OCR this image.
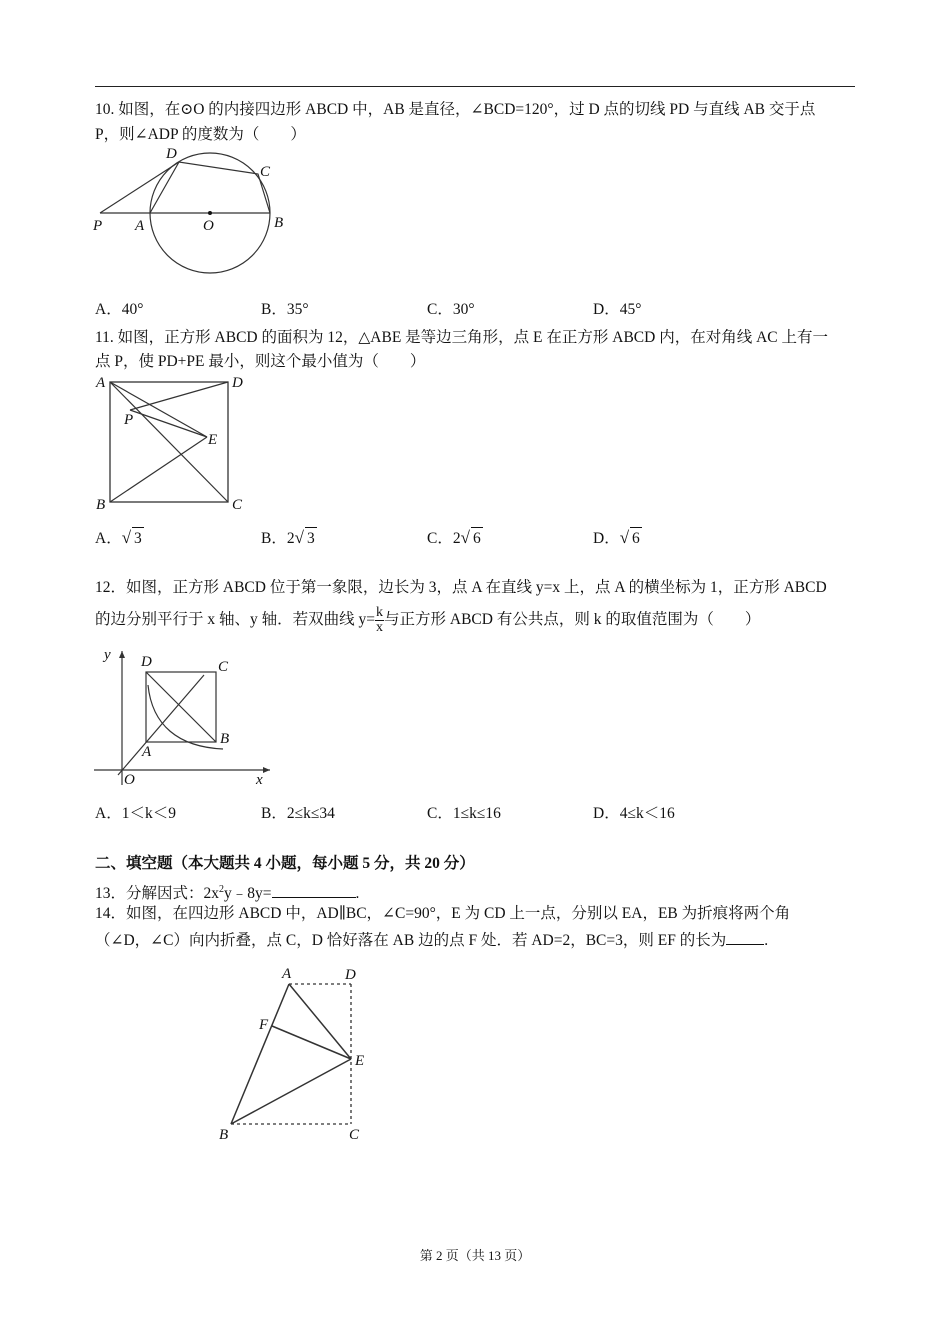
10. 如图，在⊙O 的内接四边形 ABCD 中，AB 是直径，∠BCD=120°，过 D 点的切线 PD 与直线 AB 交于点
P，则∠ADP 的度数为（　　）
D
C
P A	O	B
A．40°	B．35°	C．30°	D．45°
11. 如图，正方形 ABCD 的面积为 12，△ABE 是等边三角形，点 E 在正方形 ABCD 内，在对角线 AC 上有一
点 P，使 PD+PE 最小，则这个最小值为（　　）
A	D
P
E
B	C
A．√ 3	B．2√ 3	C．2√ 6	D．√ 6
12．如图，正方形 ABCD 位于第一象限，边长为 3，点 A 在直线 y=x 上，点 A 的横坐标为 1，正方形 ABCD
的边分别平行于 x 轴、y 轴．若双曲线 $y= \frac{k}{x}$ 与正方形 ABCD 有公共点，则 k 的取值范围为（　　）
y
x
O
A
B
C
D
A．1＜k＜9	B．2≤k≤34	C．1≤k≤16	D．4≤k＜16
二、填空题（本大题共 4 小题，每小题 5 分，共 20 分）
13．分解因式：$2x^2y﹣8y=$	.
14．如图，在四边形 ABCD 中，AD∥BC，∠C=90°，E 为 CD 上一点，分别以 EA，EB 为折痕将两个角
（∠D，∠C）向内折叠，点 C，D 恰好落在 AB 边的点 F 处．若 AD=2，BC=3，则 EF 的长为 .
A	D
F
E
B	C
第 2 页（共 13 页）
